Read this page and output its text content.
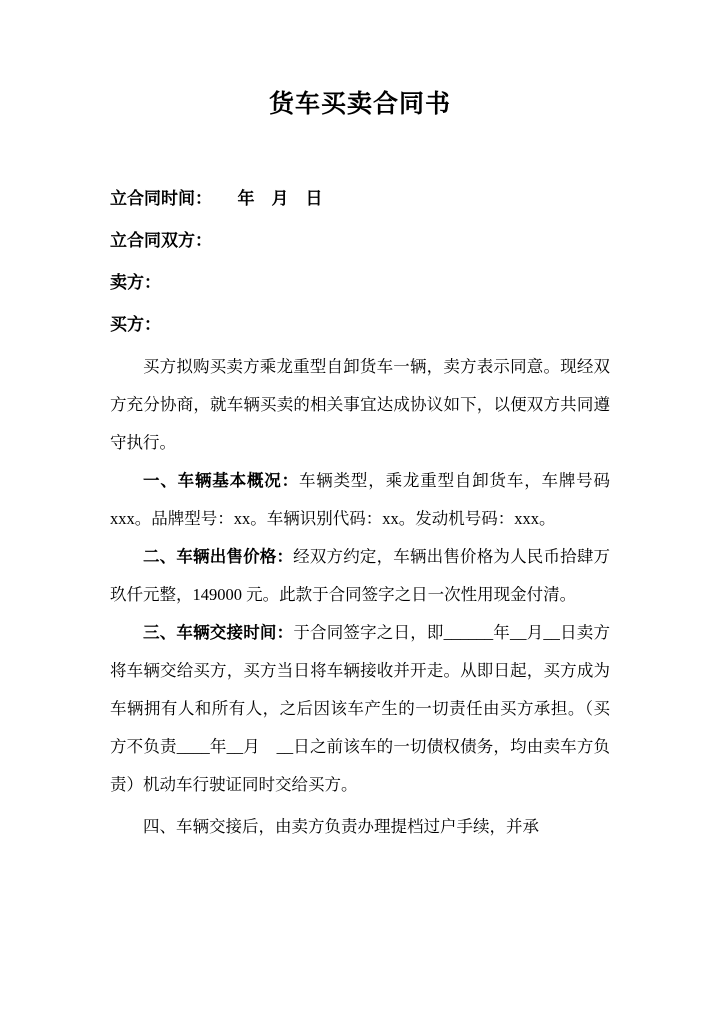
货车买卖合同书

立合同时间：　　年　月　日

立合同双方：

卖方：

买方：

买方拟购买卖方乘龙重型自卸货车一辆，卖方表示同意。现经双方充分协商，就车辆买卖的相关事宜达成协议如下，以便双方共同遵守执行。

一、车辆基本概况：车辆类型，乘龙重型自卸货车，车牌号码 xxx。品牌型号：xx。车辆识别代码：xx。发动机号码：xxx。

二、车辆出售价格：经双方约定，车辆出售价格为人民币拾肆万玖仟元整，149000 元。此款于合同签字之日一次性用现金付清。

三、车辆交接时间：于合同签字之日，即______年__月__日卖方将车辆交给买方，买方当日将车辆接收并开走。从即日起，买方成为车辆拥有人和所有人，之后因该车产生的一切责任由买方承担。（买方不负责____年__月　__日之前该车的一切债权债务，均由卖车方负责）机动车行驶证同时交给买方。

四、车辆交接后，由卖方负责办理提档过户手续，并承
